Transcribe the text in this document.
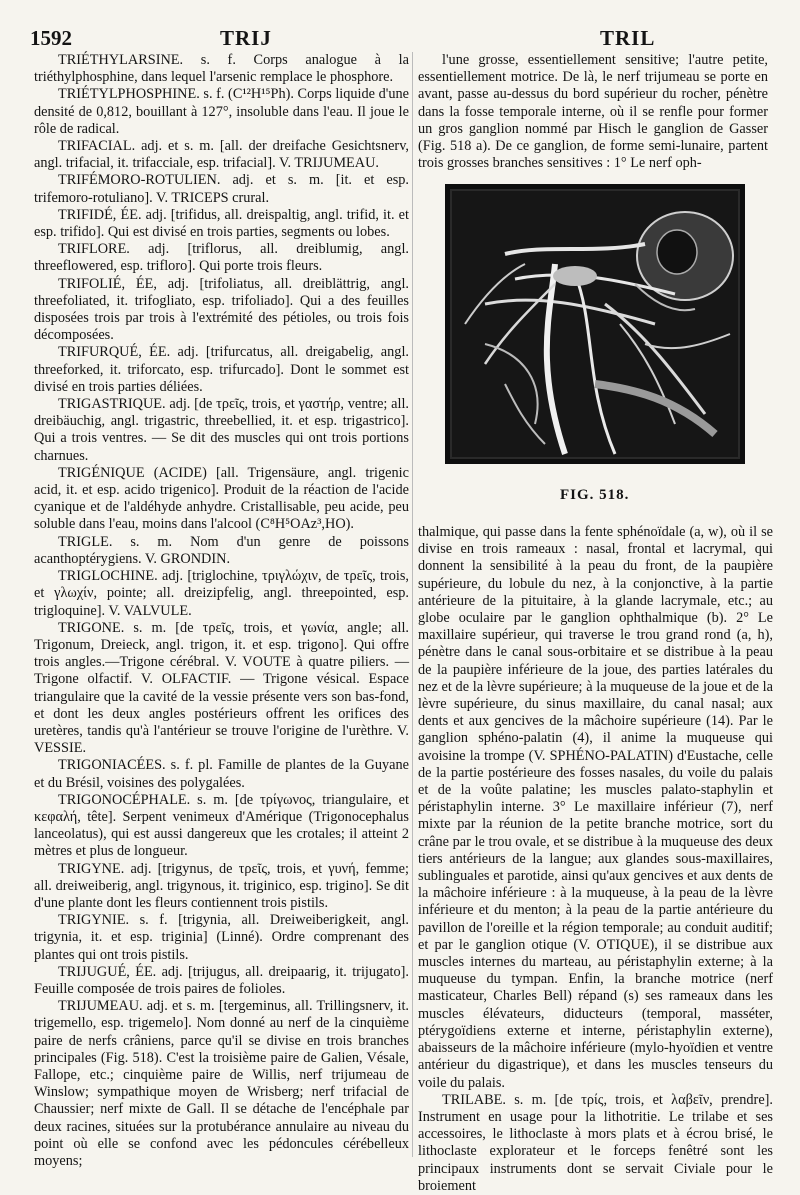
1592	TRIJ	TRIL

TRIÉTHYLARSINE. s. f. Corps analogue à la triéthylphosphine, dans lequel l'arsenic remplace le phosphore.

TRIÉTYLPHOSPHINE. s. f. (C¹²H¹⁵Ph). Corps liquide d'une densité de 0,812, bouillant à 127°, insoluble dans l'eau. Il joue le rôle de radical.

TRIFACIAL. adj. et s. m. [all. der dreifache Gesichtsnerv, angl. trifacial, it. trifacciale, esp. trifacial]. V. TRIJUMEAU.

TRIFÉMORO-ROTULIEN. adj. et s. m. [it. et esp. trifemoro-rotuliano]. V. TRICEPS crural.

TRIFIDÉ, ÉE. adj. [trifidus, all. dreispaltig, angl. trifid, it. et esp. trifido]. Qui est divisé en trois parties, segments ou lobes.

TRIFLORE. adj. [triflorus, all. dreiblumig, angl. threeflowered, esp. trifloro]. Qui porte trois fleurs.

TRIFOLIÉ, ÉE, adj. [trifoliatus, all. dreiblättrig, angl. threefoliated, it. trifogliato, esp. trifoliado]. Qui a des feuilles disposées trois par trois à l'extrémité des pétioles, ou trois fois décomposées.

TRIFURQUÉ, ÉE. adj. [trifurcatus, all. dreigabelig, angl. threeforked, it. triforcato, esp. trifurcado]. Dont le sommet est divisé en trois parties déliées.

TRIGASTRIQUE. adj. [de τρεῖς, trois, et γαστήρ, ventre; all. dreibäuchig, angl. trigastric, threebellied, it. et esp. trigastrico]. Qui a trois ventres. — Se dit des muscles qui ont trois portions charnues.

TRIGÉNIQUE (ACIDE) [all. Trigensäure, angl. trigenic acid, it. et esp. acido trigenico]. Produit de la réaction de l'acide cyanique et de l'aldéhyde anhydre. Cristallisable, peu acide, peu soluble dans l'eau, moins dans l'alcool (C⁸H⁵OAz³,HO).

TRIGLE. s. m. Nom d'un genre de poissons acanthoptérygiens. V. GRONDIN.

TRIGLOCHINE. adj. [triglochine, τριγλώχιν, de τρεῖς, trois, et γλωχίν, pointe; all. dreizipfelig, angl. threepointed, esp. trigloquine]. V. VALVULE.

TRIGONE. s. m. [de τρεῖς, trois, et γωνία, angle; all. Trigonum, Dreieck, angl. trigon, it. et esp. trigono]. Qui offre trois angles.—Trigone cérébral. V. VOUTE à quatre piliers. — Trigone olfactif. V. OLFACTIF. — Trigone vésical. Espace triangulaire que la cavité de la vessie présente vers son bas-fond, et dont les deux angles postérieurs offrent les orifices des uretères, tandis qu'à l'antérieur se trouve l'origine de l'urèthre. V. VESSIE.

TRIGONIACÉES. s. f. pl. Famille de plantes de la Guyane et du Brésil, voisines des polygalées.

TRIGONOCÉPHALE. s. m. [de τρίγωνος, triangulaire, et κεφαλή, tête]. Serpent venimeux d'Amérique (Trigonocephalus lanceolatus), qui est aussi dangereux que les crotales; il atteint 2 mètres et plus de longueur.

TRIGYNE. adj. [trigynus, de τρεῖς, trois, et γυνή, femme; all. dreiweiberig, angl. trigynous, it. triginico, esp. trigino]. Se dit d'une plante dont les fleurs contiennent trois pistils.

TRIGYNIE. s. f. [trigynia, all. Dreiweiberigkeit, angl. trigynia, it. et esp. triginia] (Linné). Ordre comprenant des plantes qui ont trois pistils.

TRIJUGUÉ, ÉE. adj. [trijugus, all. dreipaarig, it. trijugato]. Feuille composée de trois paires de folioles.

TRIJUMEAU. adj. et s. m. [tergeminus, all. Trillingsnerv, it. trigemello, esp. trigemelo]. Nom donné au nerf de la cinquième paire de nerfs crâniens, parce qu'il se divise en trois branches principales (Fig. 518). C'est la troisième paire de Galien, Vésale, Fallope, etc.; cinquième paire de Willis, nerf trijumeau de Winslow; sympathique moyen de Wrisberg; nerf trifacial de Chaussier; nerf mixte de Gall. Il se détache de l'encéphale par deux racines, situées sur la protubérance annulaire au niveau du point où elle se confond avec les pédoncules cérébelleux moyens;

l'une grosse, essentiellement sensitive; l'autre petite, essentiellement motrice. De là, le nerf trijumeau se porte en avant, passe au-dessus du bord supérieur du rocher, pénètre dans la fosse temporale interne, où il se renfle pour former un gros ganglion nommé par Hisch le ganglion de Gasser (Fig. 518 a). De ce ganglion, de forme semi-lunaire, partent trois grosses branches sensitives : 1° Le nerf oph-

FIG. 518.

thalmique, qui passe dans la fente sphénoïdale (a, w), où il se divise en trois rameaux : nasal, frontal et lacrymal, qui donnent la sensibilité à la peau du front, de la paupière supérieure, du lobule du nez, à la conjonctive, à la partie antérieure de la pituitaire, à la glande lacrymale, etc.; au globe oculaire par le ganglion ophthalmique (b). 2° Le maxillaire supérieur, qui traverse le trou grand rond (a, h), pénètre dans le canal sous-orbitaire et se distribue à la peau de la paupière inférieure de la joue, des parties latérales du nez et de la lèvre supérieure; à la muqueuse de la joue et de la lèvre supérieure, du sinus maxillaire, du canal nasal; aux dents et aux gencives de la mâchoire supérieure (14). Par le ganglion sphéno-palatin (4), il anime la muqueuse qui avoisine la trompe (V. SPHÉNO-PALATIN) d'Eustache, celle de la partie postérieure des fosses nasales, du voile du palais et de la voûte palatine; les muscles palato-staphylin et péristaphylin interne. 3° Le maxillaire inférieur (7), nerf mixte par la réunion de la petite branche motrice, sort du crâne par le trou ovale, et se distribue à la muqueuse des deux tiers antérieurs de la langue; aux glandes sous-maxillaires, sublinguales et parotide, ainsi qu'aux gencives et aux dents de la mâchoire inférieure : à la muqueuse, à la peau de la lèvre inférieure et du menton; à la peau de la partie antérieure du pavillon de l'oreille et la région temporale; au conduit auditif; et par le ganglion otique (V. OTIQUE), il se distribue aux muscles internes du marteau, au péristaphylin externe; à la muqueuse du tympan. Enfin, la branche motrice (nerf masticateur, Charles Bell) répand (s) ses rameaux dans les muscles élévateurs, diducteurs (temporal, masséter, ptérygoïdiens externe et interne, péristaphylin externe), abaisseurs de la mâchoire inférieure (mylo-hyoïdien et ventre antérieur du digastrique), et dans les muscles tenseurs du voile du palais.

TRILABE. s. m. [de τρίς, trois, et λαβεῖν, prendre]. Instrument en usage pour la lithotritie. Le trilabe et ses accessoires, le lithoclaste à mors plats et à écrou brisé, le lithoclaste explorateur et le forceps fenêtré sont les principaux instruments dont se servait Civiale pour le broiement
